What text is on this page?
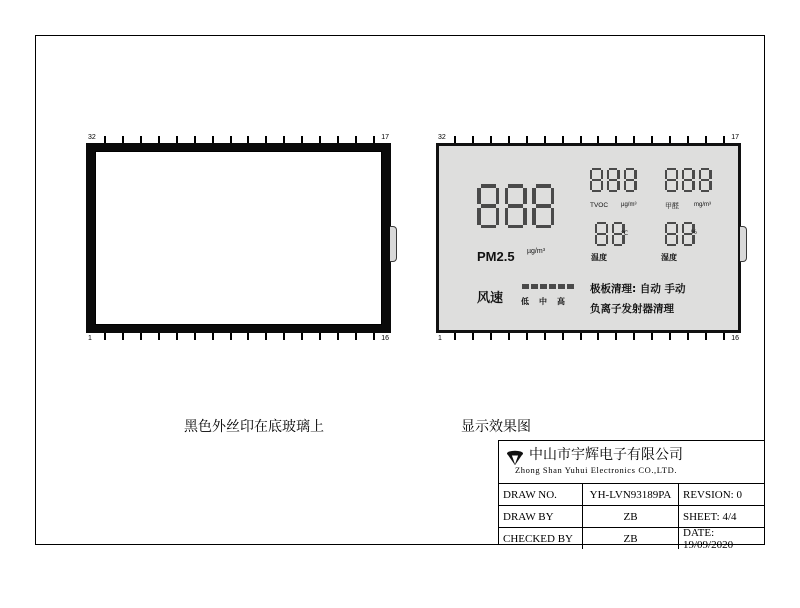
32	17
1	16
黑色外丝印在底玻璃上
32	17
PM2.5 µg/m³
TVOC µg/m³	甲醛	mg/m³
℃
温度
%
湿度
风速 低 中 高
极板清理: 自动 手动
负离子发射器清理
1	16
显示效果图
中山市宇辉电子有限公司
Zhong Shan Yuhui Electronics CO.,LTD.
DRAW NO.	YH-LVN93189PA	REVSION: 0
DRAW BY	ZB	SHEET: 4/4
CHECKED BY	ZB	DATE: 19/09/2020
